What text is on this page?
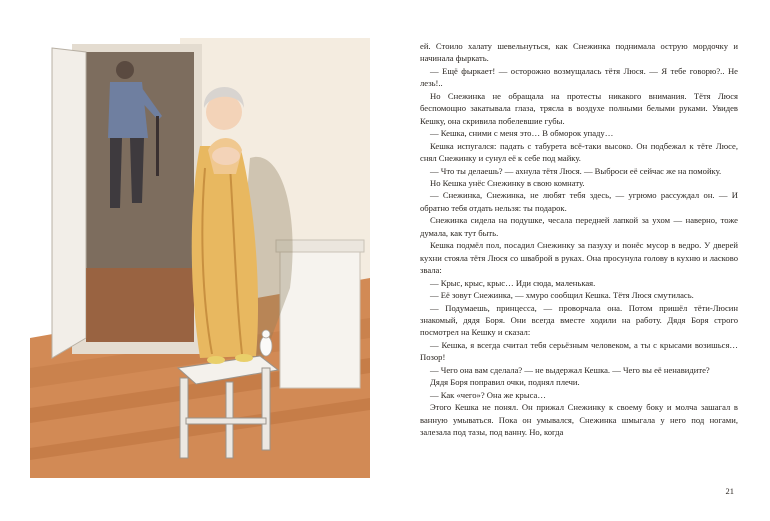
ей. Стоило халату шевельнуться, как Снежинка поднимала острую мордочку и начинала фыркать.

— Ещё фыркает! — осторожно возмущалась тётя Люся. — Я тебе говорю?.. Не лезь!..

Но Снежинка не обращала на протесты никакого внимания. Тётя Люся беспомощно закатывала глаза, трясла в воздухе полными белыми руками. Увидев Кешку, она скривила побелевшие губы.

— Кешка, сними с меня это… В обморок упаду…

Кешка испугался: падать с табурета всё-таки высоко. Он подбежал к тёте Люсе, снял Снежинку и сунул её к себе под майку.

— Что ты делаешь? — ахнула тётя Люся. — Выброси её сейчас же на помойку.

Но Кешка унёс Снежинку в свою комнату.

— Снежинка, Снежинка, не любят тебя здесь, — угрюмо рассуждал он. — И обратно тебя отдать нельзя: ты подарок.

Снежинка сидела на подушке, чесала передней лапкой за ухом — наверно, тоже думала, как тут быть.

Кешка подмёл пол, посадил Снежинку за пазуху и понёс мусор в ведро. У дверей кухни стояла тётя Люся со шваброй в руках. Она просунула голову в кухню и ласково звала:

— Крыс, крыс, крыс… Иди сюда, маленькая.

— Её зовут Снежинка, — хмуро сообщил Кешка. Тётя Люся смутилась.

— Подумаешь, принцесса, — проворчала она. Потом пришёл тёти-Люсин знакомый, дядя Боря. Они всегда вместе ходили на работу. Дядя Боря строго посмотрел на Кешку и сказал:

— Кешка, я всегда считал тебя серьёзным человеком, а ты с крысами возишься… Позор!

— Чего она вам сделала? — не выдержал Кешка. — Чего вы её ненавидите?

Дядя Боря поправил очки, поднял плечи.

— Как «чего»? Она же крыса…

Этого Кешка не понял. Он прижал Снежинку к своему боку и молча зашагал в ванную умываться. Пока он умывался, Снежинка шмыгала у него под ногами, залезала под тазы, под ванну. Но, когда

21
